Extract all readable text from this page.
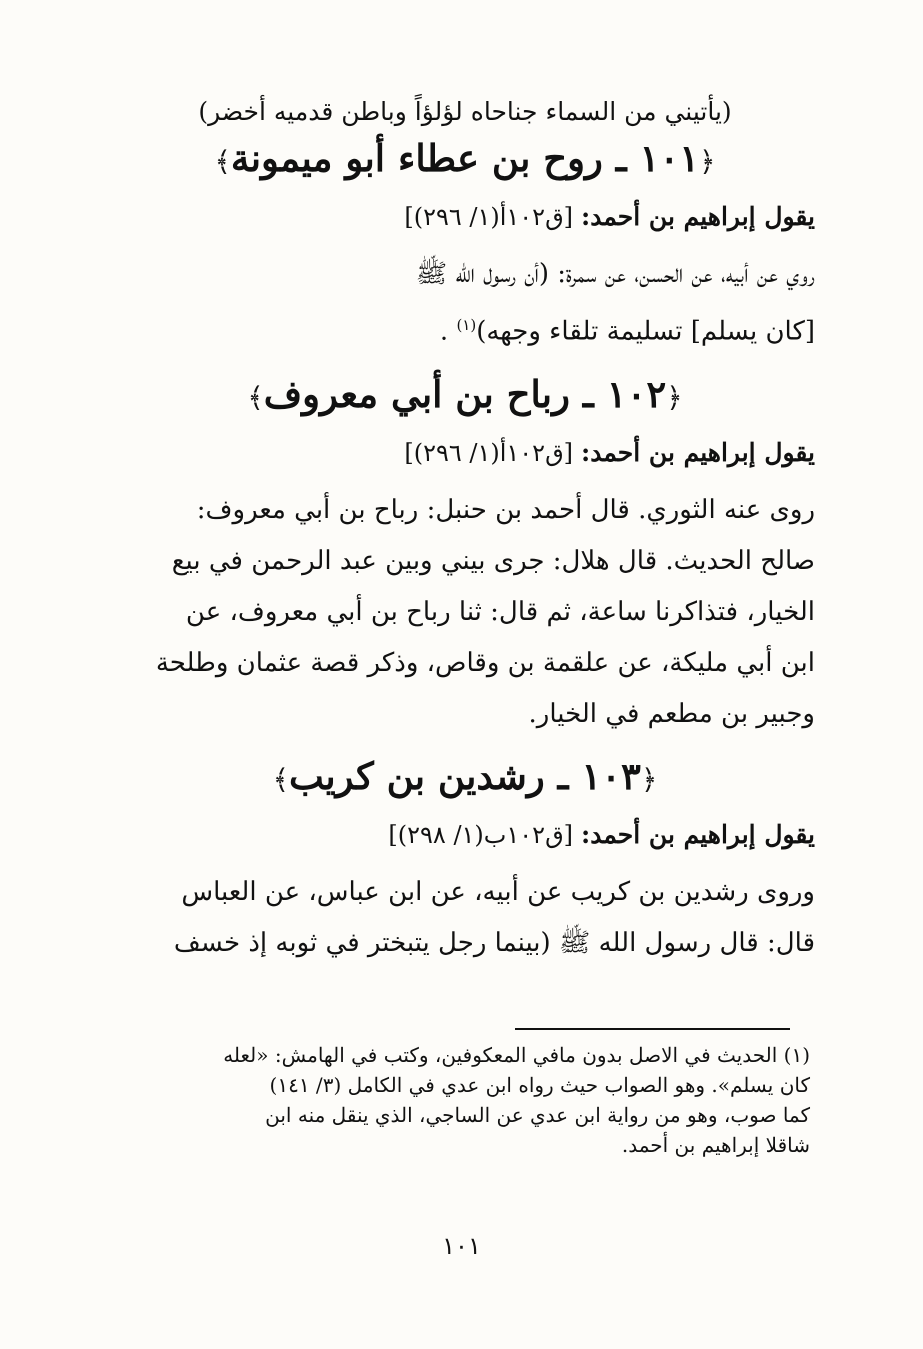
(يأتيني من السماء جناحاه لؤلؤاً وباطن قدميه أخضر)

﴿١٠١ ـ روح بن عطاء أبو ميمونة﴾

يقول إبراهيم بن أحمد: [ق١٠٢أ(١/ ٢٩٦)]

روي عن أبيه، عن الحسن، عن سمرة: (أن رسول الله ﷺ
[كان يسلم] تسليمة تلقاء وجهه)$^{(١)}$ .
﴿١٠٢ ـ رباح بن أبي معروف﴾

يقول إبراهيم بن أحمد: [ق١٠٢أ(١/ ٢٩٦)]

روى عنه الثوري. قال أحمد بن حنبل: رباح بن أبي معروف:
صالح الحديث. قال هلال: جرى بيني وبين عبد الرحمن في بيع
الخيار، فتذاكرنا ساعة، ثم قال: ثنا رباح بن أبي معروف، عن
ابن أبي مليكة، عن علقمة بن وقاص، وذكر قصة عثمان وطلحة
وجبير بن مطعم في الخيار.
﴿١٠٣ ـ رشدين بن كريب﴾

يقول إبراهيم بن أحمد: [ق١٠٢ب(١/ ٢٩٨)]

وروى رشدين بن كريب عن أبيه، عن ابن عباس، عن العباس
قال: قال رسول الله ﷺ (بينما رجل يتبختر في ثوبه إذ خسف
(١) الحديث في الاصل بدون مافي المعكوفين، وكتب في الهامش: «لعله
كان يسلم». وهو الصواب حيث رواه ابن عدي في الكامل (٣/ ١٤١)
كما صوب، وهو من رواية ابن عدي عن الساجي، الذي ينقل منه ابن
شاقلا إبراهيم بن أحمد.
١٠١
